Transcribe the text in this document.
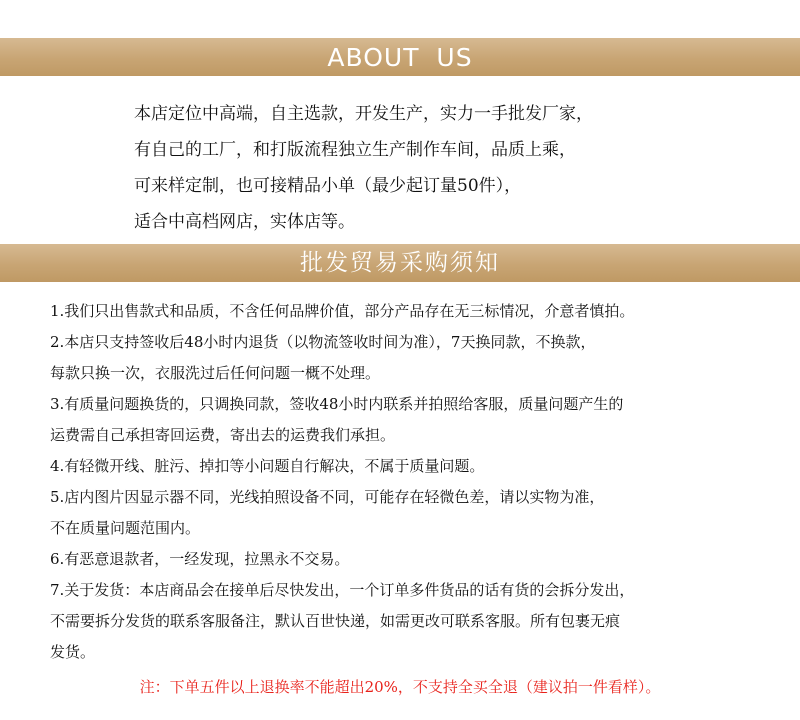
ABOUT US
本店定位中高端，自主选款，开发生产，实力一手批发厂家，
有自己的工厂，和打版流程独立生产制作车间，品质上乘，
可来样定制，也可接精品小单（最少起订量50件），
适合中高档网店，实体店等。
批发贸易采购须知
1.我们只出售款式和品质，不含任何品牌价值，部分产品存在无三标情况，介意者慎拍。
2.本店只支持签收后48小时内退货（以物流签收时间为准），7天换同款，不换款，
每款只换一次，衣服洗过后任何问题一概不处理。
3.有质量问题换货的，只调换同款，签收48小时内联系并拍照给客服，质量问题产生的
运费需自己承担寄回运费，寄出去的运费我们承担。
4.有轻微开线、脏污、掉扣等小问题自行解决，不属于质量问题。
5.店内图片因显示器不同，光线拍照设备不同，可能存在轻微色差，请以实物为准，
不在质量问题范围内。
6.有恶意退款者，一经发现，拉黑永不交易。
7.关于发货：本店商品会在接单后尽快发出，一个订单多件货品的话有货的会拆分发出，
不需要拆分发货的联系客服备注，默认百世快递，如需更改可联系客服。所有包裹无痕
发货。
注：下单五件以上退换率不能超出20%，不支持全买全退（建议拍一件看样）。
